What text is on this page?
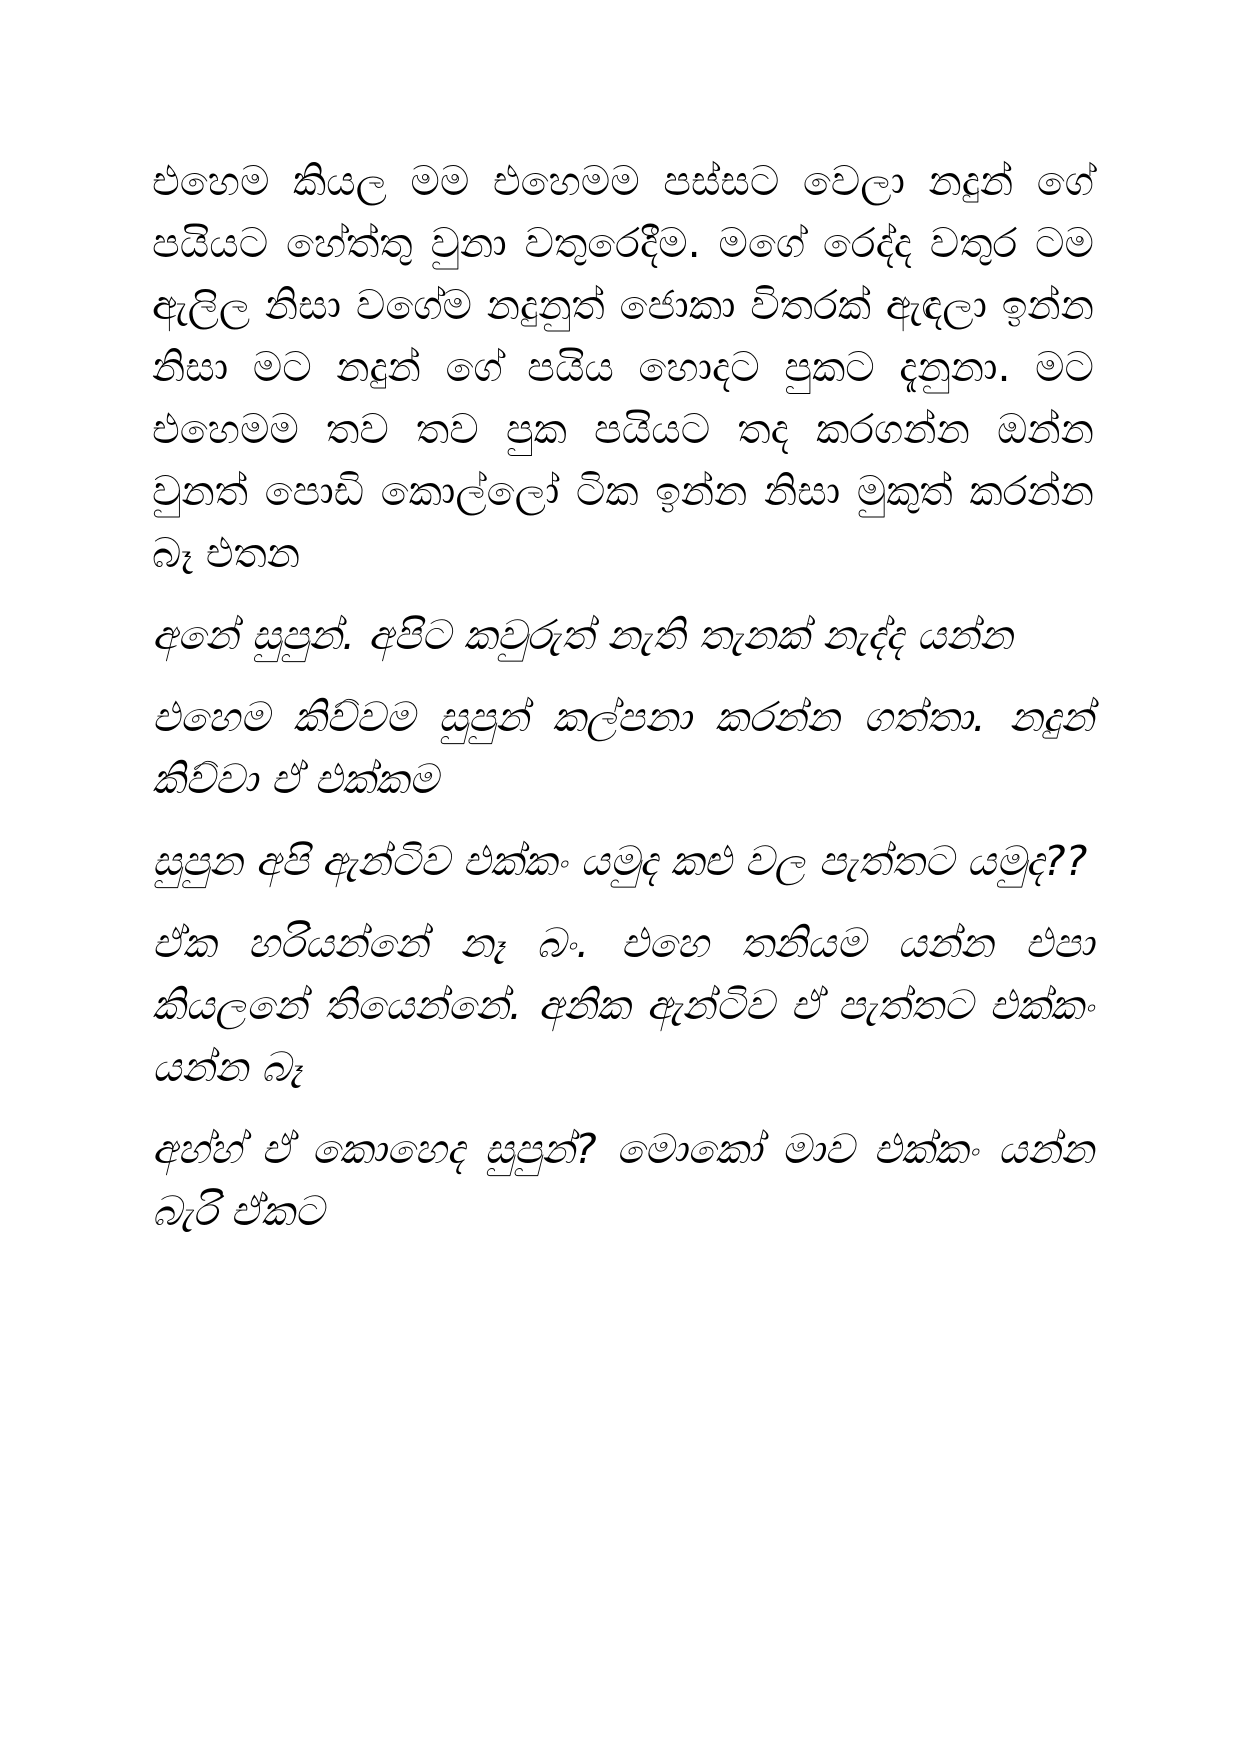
එහෙම කියල මම එහෙමම පස්සට වෙලා නදුන් ගේ පයියට හේත්තු වුනා වතුරෙදීම. මගේ රෙද්ද වතුර ටම ඇලිල නිසා වගේම නදුනුත් ජොකා විතරක් ඇඳලා ඉන්න නිසා මට නදුන් ගේ පයිය හොදට පුකට දැනුනා. මට එහෙමම තව තව පුක පයියට තද කරගන්න ඔන්න වුනත් පොඩි කොල්ලෝ ටික ඉන්න නිසා මුකුත් කරන්න බෑ එතන

අනේ සුපුන්. අපිට කවුරුත් නැති තැනක් නැද්ද යන්න

එහෙම කිව්වම සුපුන් කල්පනා කරන්න ගත්තා. නදුන් කිව්වා ඒ එක්කම

සුපුන අපි ඇන්ටිව එක්කං යමුද කළු වල පැත්තට යමුද??

ඒක හරියන්නේ නෑ බං. එහෙ තනියම යන්න එපා කියලනේ තියෙන්නේ. අනික ඇන්ටිව ඒ පැත්තට එක්කං යන්න බෑ

අහ්හ් ඒ කොහෙද සුපුන්? මොකෝ මාව එක්කං යන්න බැරි ඒකට
